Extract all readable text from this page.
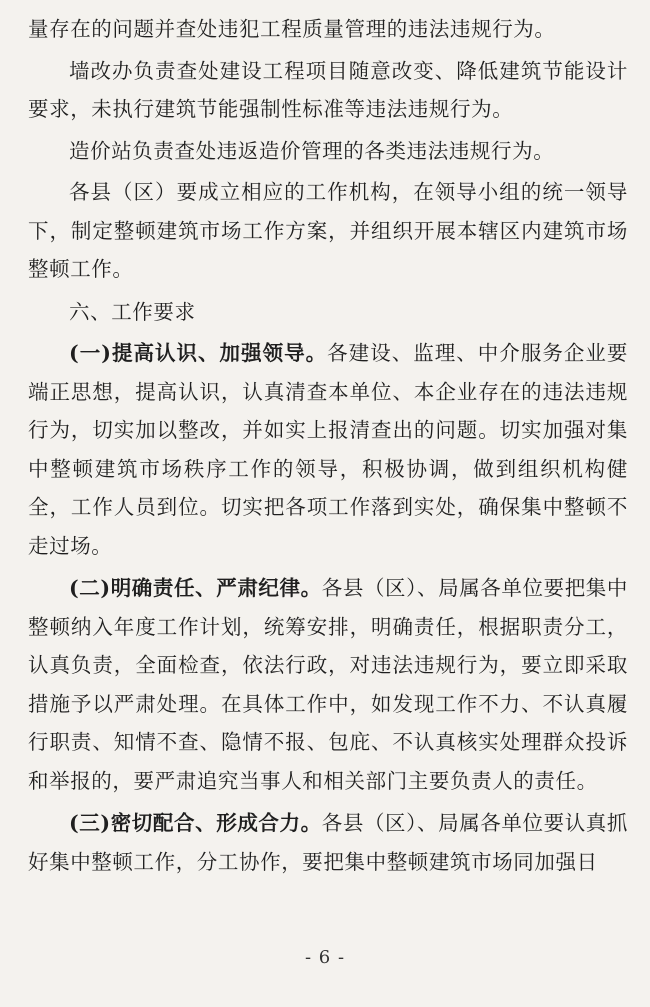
量存在的问题并查处违犯工程质量管理的违法违规行为。

墙改办负责查处建设工程项目随意改变、降低建筑节能设计要求，未执行建筑节能强制性标准等违法违规行为。

造价站负责查处违返造价管理的各类违法违规行为。

各县（区）要成立相应的工作机构，在领导小组的统一领导下，制定整顿建筑市场工作方案，并组织开展本辖区内建筑市场整顿工作。

六、工作要求

(一)提高认识、加强领导。各建设、监理、中介服务企业要端正思想，提高认识，认真清查本单位、本企业存在的违法违规行为，切实加以整改，并如实上报清查出的问题。切实加强对集中整顿建筑市场秩序工作的领导，积极协调，做到组织机构健全，工作人员到位。切实把各项工作落到实处，确保集中整顿不走过场。

(二)明确责任、严肃纪律。各县（区）、局属各单位要把集中整顿纳入年度工作计划，统筹安排，明确责任，根据职责分工，认真负责，全面检查，依法行政，对违法违规行为，要立即采取措施予以严肃处理。在具体工作中，如发现工作不力、不认真履行职责、知情不查、隐情不报、包庇、不认真核实处理群众投诉和举报的，要严肃追究当事人和相关部门主要负责人的责任。

(三)密切配合、形成合力。各县（区）、局属各单位要认真抓好集中整顿工作，分工协作，要把集中整顿建筑市场同加强日

- 6 -
